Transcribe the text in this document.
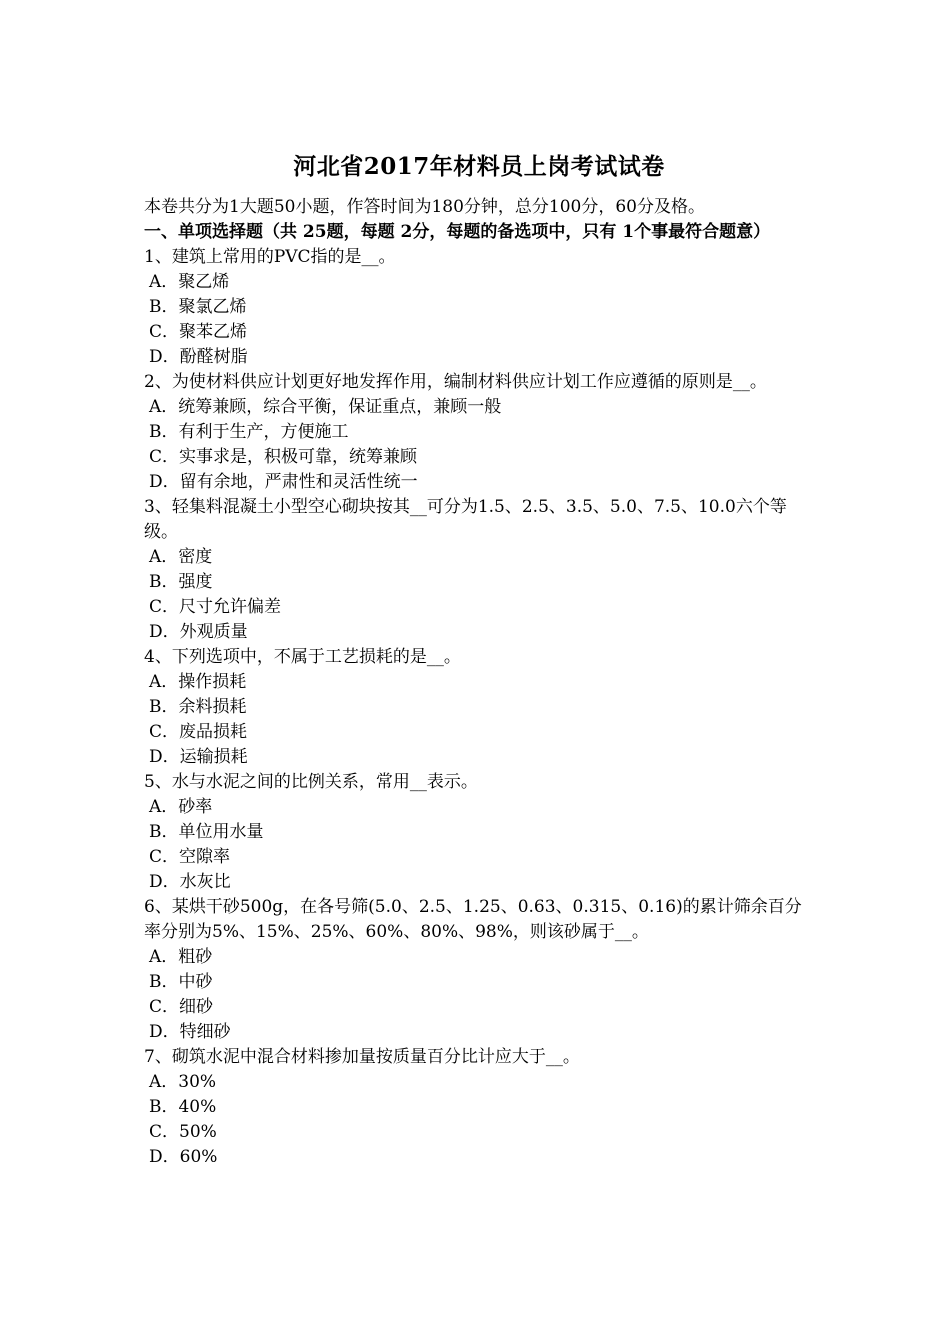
河北省2017年材料员上岗考试试卷

本卷共分为1大题50小题，作答时间为180分钟，总分100分，60分及格。

一、单项选择题（共 25题，每题 2分，每题的备选项中，只有 1个事最符合题意）

1、建筑上常用的PVC指的是__。

A．聚乙烯

B．聚氯乙烯

C．聚苯乙烯

D．酚醛树脂

2、为使材料供应计划更好地发挥作用，编制材料供应计划工作应遵循的原则是__。

A．统筹兼顾，综合平衡，保证重点，兼顾一般

B．有利于生产，方便施工

C．实事求是，积极可靠，统筹兼顾

D．留有余地，严肃性和灵活性统一

3、轻集料混凝土小型空心砌块按其__可分为1.5、2.5、3.5、5.0、7.5、10.0六个等级。

A．密度

B．强度

C．尺寸允许偏差

D．外观质量

4、下列选项中，不属于工艺损耗的是__。

A．操作损耗

B．余料损耗

C．废品损耗

D．运输损耗

5、水与水泥之间的比例关系，常用__表示。

A．砂率

B．单位用水量

C．空隙率

D．水灰比

6、某烘干砂500g，在各号筛(5.0、2.5、1.25、0.63、0.315、0.16)的累计筛余百分率分别为5%、15%、25%、60%、80%、98%，则该砂属于__。

A．粗砂

B．中砂

C．细砂

D．特细砂

7、砌筑水泥中混合材料掺加量按质量百分比计应大于__。

A．30%

B．40%

C．50%

D．60%
